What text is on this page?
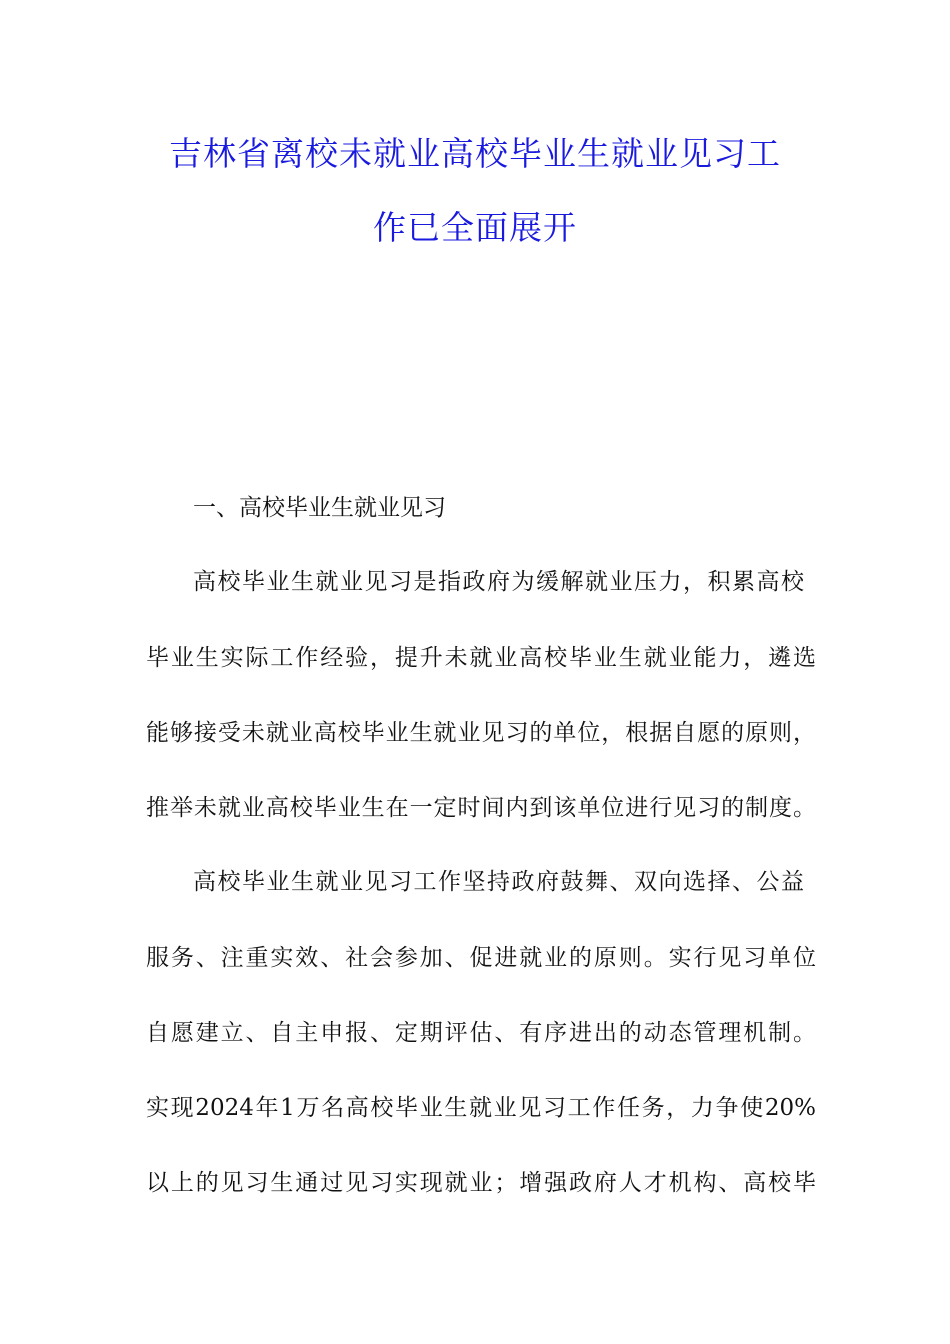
吉林省离校未就业高校毕业生就业见习工
作已全面展开
一、高校毕业生就业见习
高校毕业生就业见习是指政府为缓解就业压力，积累高校
毕业生实际工作经验，提升未就业高校毕业生就业能力，遴选
能够接受未就业高校毕业生就业见习的单位，根据自愿的原则，
推举未就业高校毕业生在一定时间内到该单位进行见习的制度。
高校毕业生就业见习工作坚持政府鼓舞、双向选择、公益
服务、注重实效、社会参加、促进就业的原则。实行见习单位
自愿建立、自主申报、定期评估、有序进出的动态管理机制。
实现2024年1万名高校毕业生就业见习工作任务，力争使20%
以上的见习生通过见习实现就业；增强政府人才机构、高校毕
